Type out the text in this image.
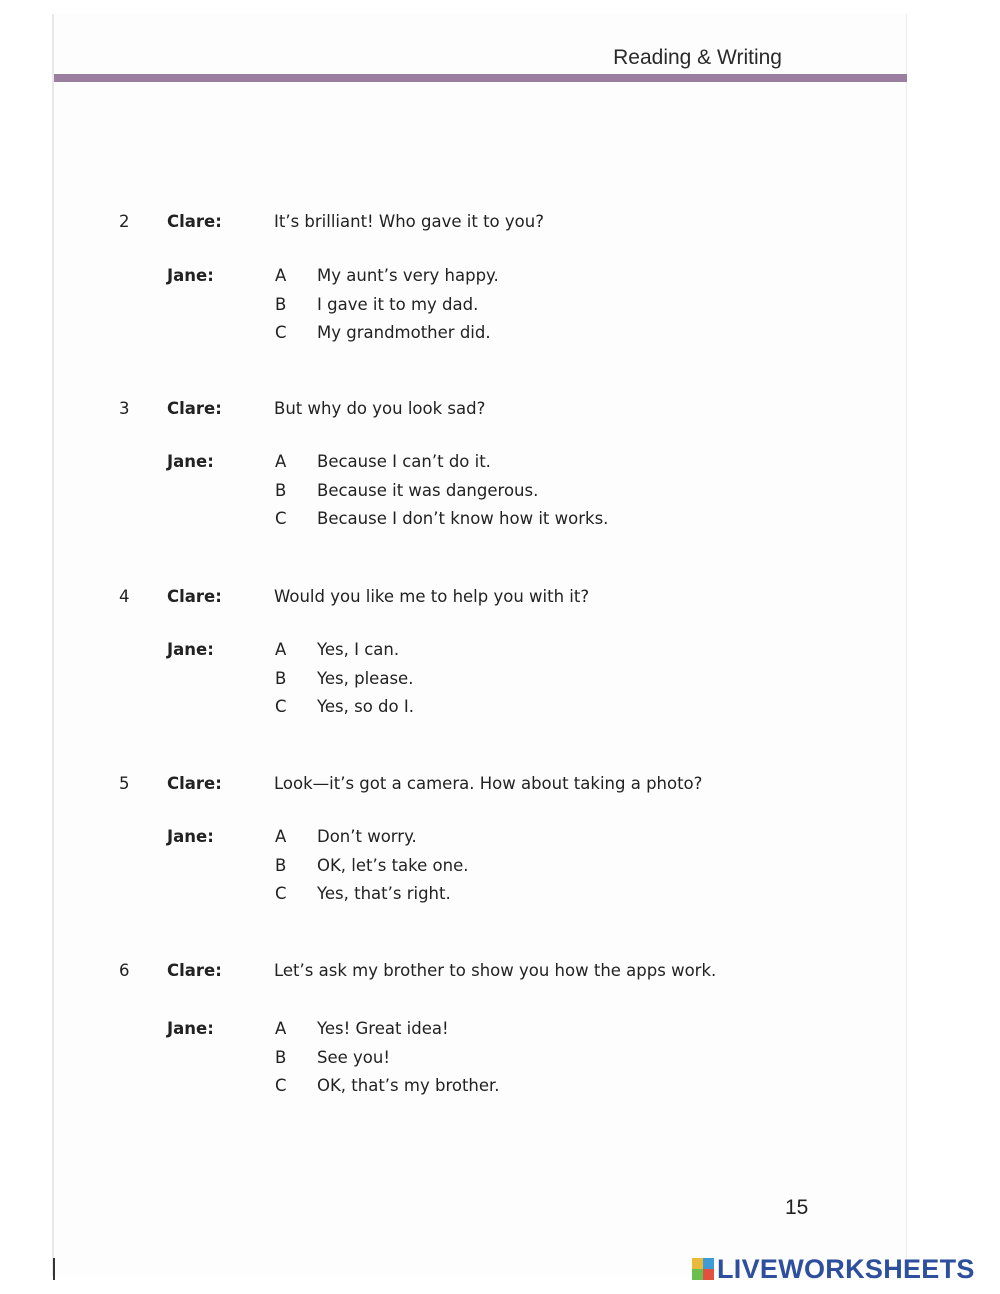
Reading & Writing
2 Clare:	It’s brilliant! Who gave it to you?
Jane:	A My aunt’s very happy.
B I gave it to my dad.
C My grandmother did.
3 Clare:	But why do you look sad?
Jane:	A Because I can’t do it.
B Because it was dangerous.
C Because I don’t know how it works.
4 Clare:	Would you like me to help you with it?
Jane:	A Yes, I can.
B Yes, please.
C Yes, so do I.
5 Clare:	Look—it’s got a camera. How about taking a photo?
Jane:	A Don’t worry.
B OK, let’s take one.
C Yes, that’s right.
6 Clare:	Let’s ask my brother to show you how the apps work.
Jane:	A Yes! Great idea!
B See you!
C OK, that’s my brother.
15
LIVEWORKSHEETS
